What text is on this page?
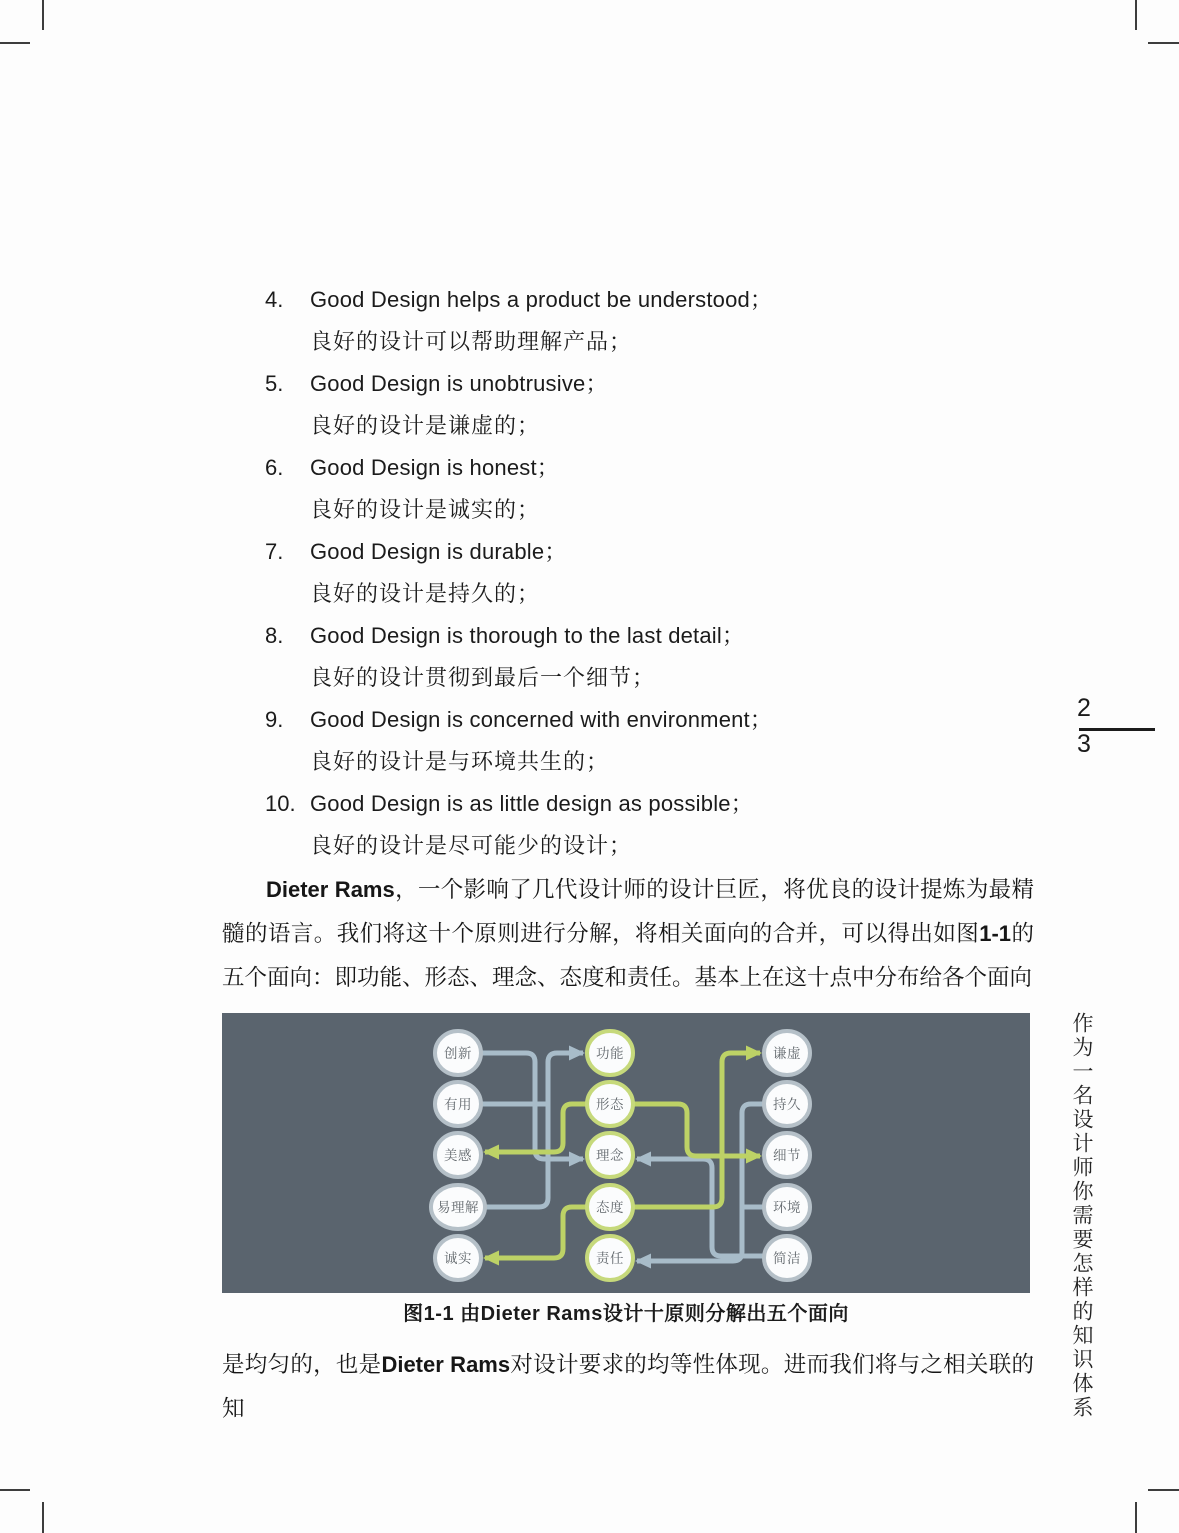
4.	Good Design helps a product be understood；
良好的设计可以帮助理解产品；
5.	Good Design is unobtrusive；
良好的设计是谦虚的；
6.	Good Design is honest；
良好的设计是诚实的；
7.	Good Design is durable；
良好的设计是持久的；
8.	Good Design is thorough to the last detail；
良好的设计贯彻到最后一个细节；
9.	Good Design is concerned with environment；
良好的设计是与环境共生的；
10. Good Design is as little design as possible；
良好的设计是尽可能少的设计；

Dieter Rams，一个影响了几代设计师的设计巨匠，将优良的设计提炼为最精髓的语言。我们将这十个原则进行分解，将相关面向的合并，可以得出如图1-1的五个面向：即功能、形态、理念、态度和责任。基本上在这十点中分布给各个面向

创新
有用
美感
易理解
诚实
功能
形态
理念
态度
责任
谦虚
持久
细节
环境
简洁
图1-1 由Dieter Rams设计十原则分解出五个面向

是均匀的，也是Dieter Rams对设计要求的均等性体现。进而我们将与之相关联的知

2
3
作为一名设计师你需要怎样的知识体系
